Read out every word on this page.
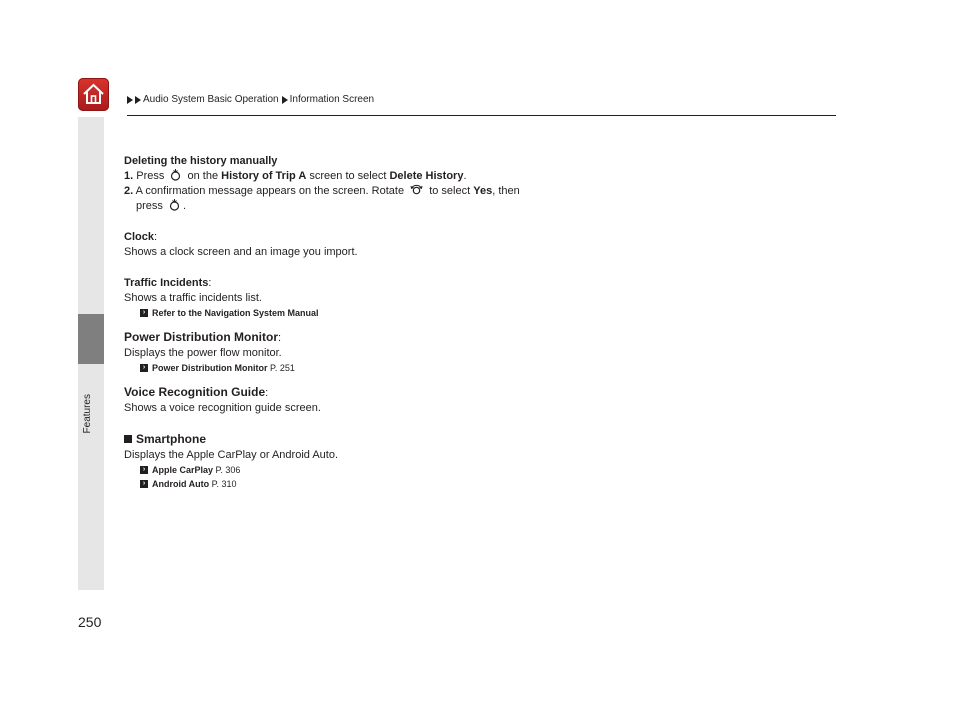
Audio System Basic Operation Information Screen
Features
250
Deleting the history manually
1. Press on the History of Trip A screen to select Delete History.
2. A confirmation message appears on the screen. Rotate to select Yes, then
press .
Clock:
Shows a clock screen and an image you import.
Traffic Incidents:
Shows a traffic incidents list.
› Refer to the Navigation System Manual
Power Distribution Monitor:
Displays the power flow monitor.
› Power Distribution Monitor
P. 251
Voice Recognition Guide:
Shows a voice recognition guide screen.
Smartphone
Displays the Apple CarPlay or Android Auto.
› Apple CarPlay
P. 306
› Android Auto
P. 310
